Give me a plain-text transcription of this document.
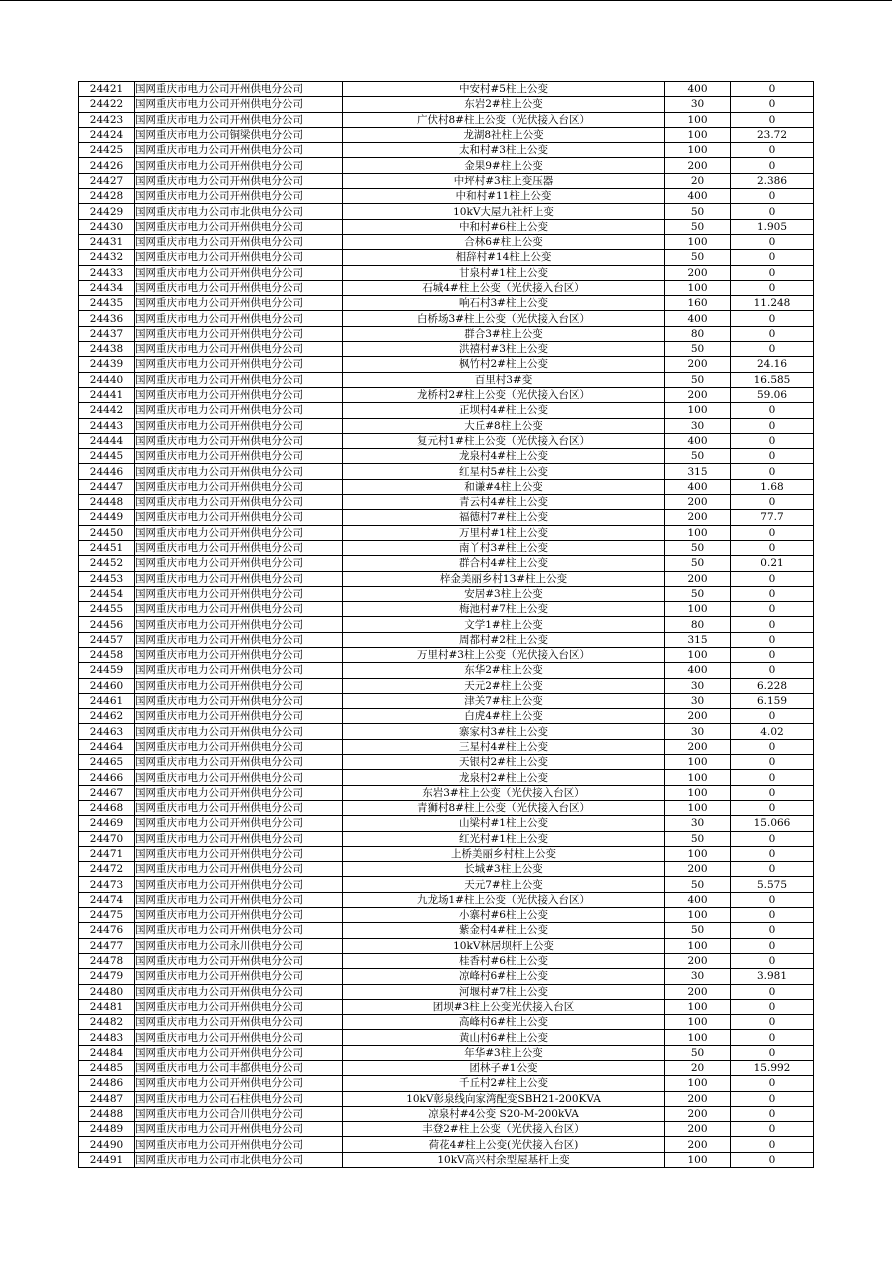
24421	国网重庆市电力公司开州供电分公司	中安村#5柱上公变	400	0
24422	国网重庆市电力公司开州供电分公司	东岩2#柱上公变	30	0
24423	国网重庆市电力公司开州供电分公司	广伏村8#柱上公变（光伏接入台区）	100	0
24424	国网重庆市电力公司铜梁供电分公司	龙湖8社柱上公变	100	23.72
24425	国网重庆市电力公司开州供电分公司	太和村#3柱上公变	100	0
24426	国网重庆市电力公司开州供电分公司	金果9#柱上公变	200	0
24427	国网重庆市电力公司开州供电分公司	中坪村#3柱上变压器	20	2.386
24428	国网重庆市电力公司开州供电分公司	中和村#11柱上公变	400	0
24429	国网重庆市电力公司市北供电分公司	10kV大屋九社杆上变	50	0
24430	国网重庆市电力公司开州供电分公司	中和村#6柱上公变	50	1.905
24431	国网重庆市电力公司开州供电分公司	合林6#柱上公变	100	0
24432	国网重庆市电力公司开州供电分公司	相辞村#14柱上公变	50	0
24433	国网重庆市电力公司开州供电分公司	甘泉村#1柱上公变	200	0
24434	国网重庆市电力公司开州供电分公司	石城4#柱上公变（光伏接入台区）	100	0
24435	国网重庆市电力公司开州供电分公司	响石村3#柱上公变	160	11.248
24436	国网重庆市电力公司开州供电分公司	白桥场3#柱上公变（光伏接入台区）	400	0
24437	国网重庆市电力公司开州供电分公司	群合3#柱上公变	80	0
24438	国网重庆市电力公司开州供电分公司	洪禧村#3柱上公变	50	0
24439	国网重庆市电力公司开州供电分公司	枫竹村2#柱上公变	200	24.16
24440	国网重庆市电力公司开州供电分公司	百里村3#变	50	16.585
24441	国网重庆市电力公司开州供电分公司	龙桥村2#柱上公变（光伏接入台区）	200	59.06
24442	国网重庆市电力公司开州供电分公司	正坝村4#柱上公变	100	0
24443	国网重庆市电力公司开州供电分公司	大丘#8柱上公变	30	0
24444	国网重庆市电力公司开州供电分公司	复元村1#柱上公变（光伏接入台区）	400	0
24445	国网重庆市电力公司开州供电分公司	龙泉村4#柱上公变	50	0
24446	国网重庆市电力公司开州供电分公司	红星村5#柱上公变	315	0
24447	国网重庆市电力公司开州供电分公司	和谦#4柱上公变	400	1.68
24448	国网重庆市电力公司开州供电分公司	青云村4#柱上公变	200	0
24449	国网重庆市电力公司开州供电分公司	福德村7#柱上公变	200	77.7
24450	国网重庆市电力公司开州供电分公司	万里村#1柱上公变	100	0
24451	国网重庆市电力公司开州供电分公司	南丫村3#柱上公变	50	0
24452	国网重庆市电力公司开州供电分公司	群合村4#柱上公变	50	0.21
24453	国网重庆市电力公司开州供电分公司	梓金美丽乡村13#柱上公变	200	0
24454	国网重庆市电力公司开州供电分公司	安居#3柱上公变	50	0
24455	国网重庆市电力公司开州供电分公司	梅池村#7柱上公变	100	0
24456	国网重庆市电力公司开州供电分公司	文学1#柱上公变	80	0
24457	国网重庆市电力公司开州供电分公司	周都村#2柱上公变	315	0
24458	国网重庆市电力公司开州供电分公司	万里村#3柱上公变（光伏接入台区）	100	0
24459	国网重庆市电力公司开州供电分公司	东华2#柱上公变	400	0
24460	国网重庆市电力公司开州供电分公司	天元2#柱上公变	30	6.228
24461	国网重庆市电力公司开州供电分公司	津关7#柱上公变	30	6.159
24462	国网重庆市电力公司开州供电分公司	白虎4#柱上公变	200	0
24463	国网重庆市电力公司开州供电分公司	寨家村3#柱上公变	30	4.02
24464	国网重庆市电力公司开州供电分公司	三星村4#柱上公变	200	0
24465	国网重庆市电力公司开州供电分公司	天银村2#柱上公变	100	0
24466	国网重庆市电力公司开州供电分公司	龙泉村2#柱上公变	100	0
24467	国网重庆市电力公司开州供电分公司	东岩3#柱上公变（光伏接入台区）	100	0
24468	国网重庆市电力公司开州供电分公司	青狮村8#柱上公变（光伏接入台区）	100	0
24469	国网重庆市电力公司开州供电分公司	山梁村#1柱上公变	30	15.066
24470	国网重庆市电力公司开州供电分公司	红光村#1柱上公变	50	0
24471	国网重庆市电力公司开州供电分公司	上桥美丽乡村柱上公变	100	0
24472	国网重庆市电力公司开州供电分公司	长城#3柱上公变	200	0
24473	国网重庆市电力公司开州供电分公司	天元7#柱上公变	50	5.575
24474	国网重庆市电力公司开州供电分公司	九龙场1#柱上公变（光伏接入台区）	400	0
24475	国网重庆市电力公司开州供电分公司	小寨村#6柱上公变	100	0
24476	国网重庆市电力公司开州供电分公司	紫金村4#柱上公变	50	0
24477	国网重庆市电力公司永川供电分公司	10kV林居坝杆上公变	100	0
24478	国网重庆市电力公司开州供电分公司	桂香村#6柱上公变	200	0
24479	国网重庆市电力公司开州供电分公司	凉峰村6#柱上公变	30	3.981
24480	国网重庆市电力公司开州供电分公司	河堰村#7柱上公变	200	0
24481	国网重庆市电力公司开州供电分公司	团坝#3柱上公变光伏接入台区	100	0
24482	国网重庆市电力公司开州供电分公司	高峰村6#柱上公变	100	0
24483	国网重庆市电力公司开州供电分公司	黄山村6#柱上公变	100	0
24484	国网重庆市电力公司开州供电分公司	年华#3柱上公变	50	0
24485	国网重庆市电力公司丰都供电分公司	团林子#1公变	20	15.992
24486	国网重庆市电力公司开州供电分公司	千丘村2#柱上公变	100	0
24487	国网重庆市电力公司石柱供电分公司	10kV彰泉线向家湾配变SBH21-200KVA	200	0
24488	国网重庆市电力公司合川供电分公司	凉泉村#4公变 S20-M-200kVA	200	0
24489	国网重庆市电力公司开州供电分公司	丰登2#柱上公变（光伏接入台区）	200	0
24490	国网重庆市电力公司开州供电分公司	荷花4#柱上公变(光伏接入台区)	200	0
24491	国网重庆市电力公司市北供电分公司	10kV高兴村余型屋基杆上变	100	0
